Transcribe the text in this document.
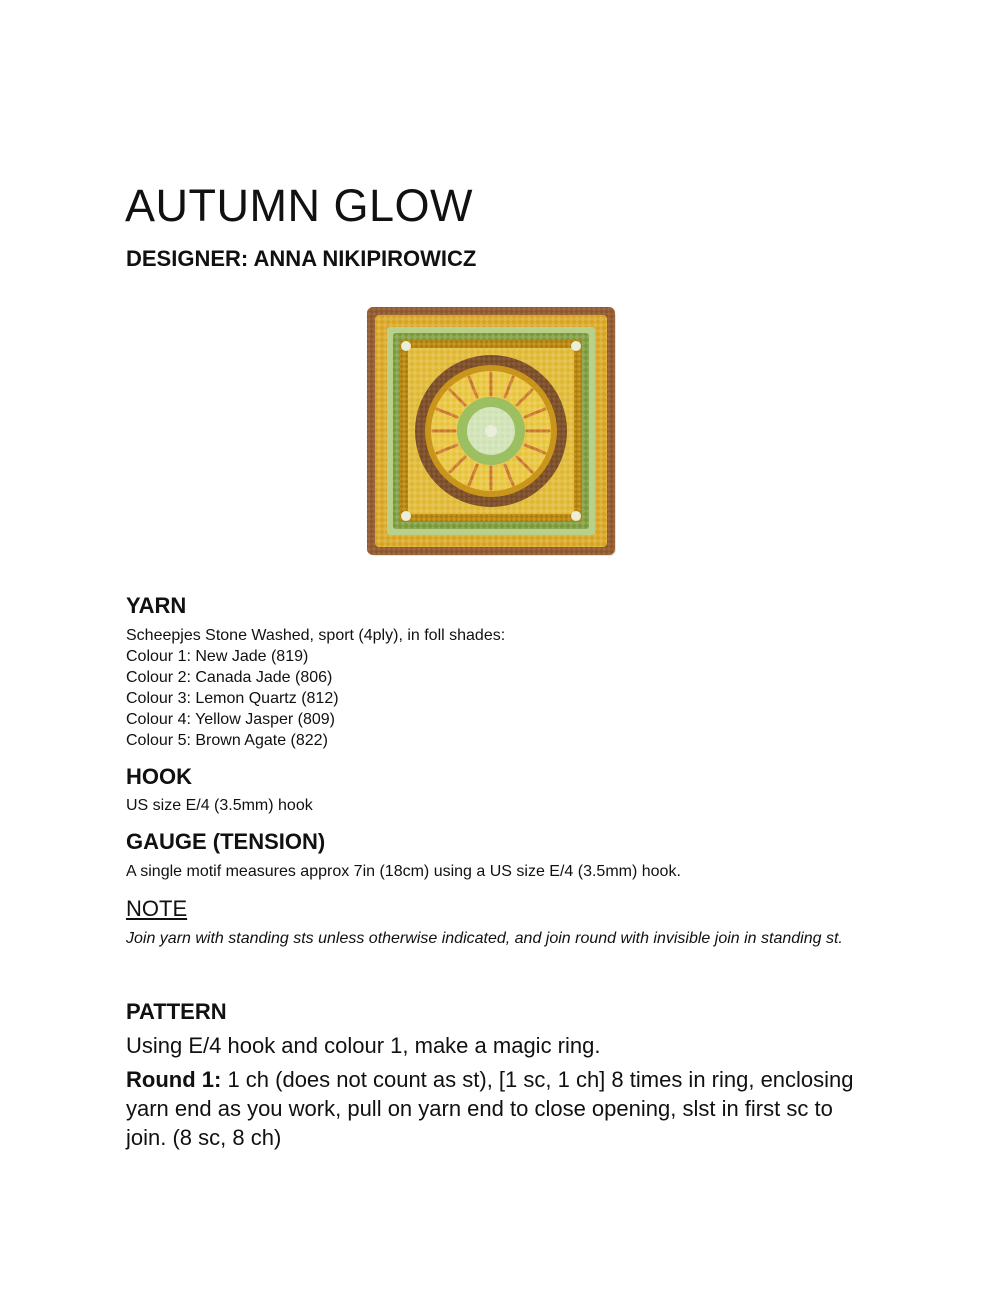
AUTUMN GLOW
DESIGNER: ANNA NIKIPIROWICZ
YARN
Scheepjes Stone Washed, sport (4ply), in foll shades:
Colour 1: New Jade (819)
Colour 2: Canada Jade (806)
Colour 3: Lemon Quartz (812)
Colour 4: Yellow Jasper (809)
Colour 5: Brown Agate (822)
HOOK

US size E/4 (3.5mm) hook

GAUGE (TENSION)

A single motif measures approx 7in (18cm) using a US size E/4 (3.5mm) hook.

NOTE

Join yarn with standing sts unless otherwise indicated, and join round with invisible join in standing st.

PATTERN

Using E/4 hook and colour 1, make a magic ring.

Round 1: 1 ch (does not count as st), [1 sc, 1 ch] 8 times in ring, enclosing yarn end as you work, pull on yarn end to close opening, slst in first sc to join. (8 sc, 8 ch)
